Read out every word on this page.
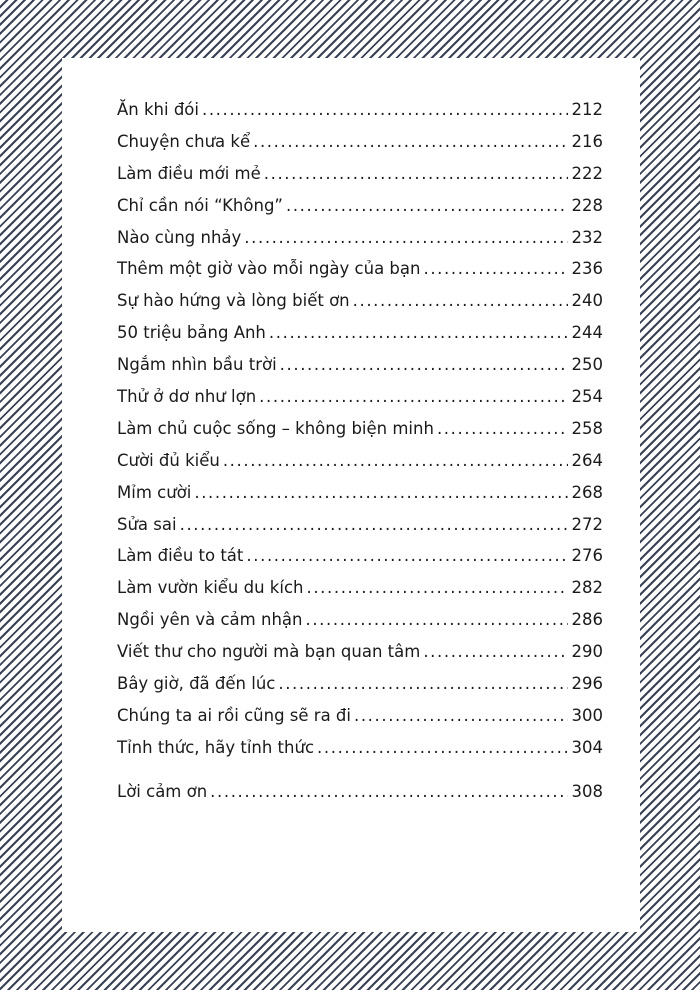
Ăn khi đói .....	212
Chuyện chưa kể .....	216
Làm điều mới mẻ .....	222
Chỉ cần nói “Không” .....	228
Nào cùng nhảy .....	232
Thêm một giờ vào mỗi ngày của bạn .....	236
Sự hào hứng và lòng biết ơn .....	240
50 triệu bảng Anh .....	244
Ngắm nhìn bầu trời .....	250
Thử ở dơ như lợn .....	254
Làm chủ cuộc sống – không biện minh .....	258
Cười đủ kiểu .....	264
Mỉm cười .....	268
Sửa sai .....	272
Làm điều to tát .....	276
Làm vườn kiểu du kích .....	282
Ngồi yên và cảm nhận .....	286
Viết thư cho người mà bạn quan tâm .....	290
Bây giờ, đã đến lúc .....	296
Chúng ta ai rồi cũng sẽ ra đi .....	300
Tỉnh thức, hãy tỉnh thức .....	304
Lời cảm ơn .....	308
